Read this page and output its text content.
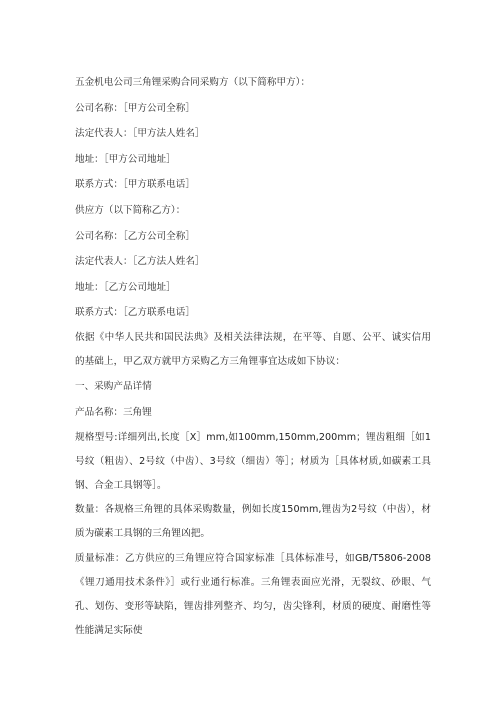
五金机电公司三角锂采购合同采购方（以下简称甲方）：

公司名称：［甲方公司全称］

法定代表人：［甲方法人姓名］

地址：［甲方公司地址］

联系方式：［甲方联系电话］

供应方（以下简称乙方）：

公司名称：［乙方公司全称］

法定代表人：［乙方法人姓名］

地址：［乙方公司地址］

联系方式：［乙方联系电话］

依据《中华人民共和国民法典》及相关法律法规，在平等、自愿、公平、诚实信用的基础上，甲乙双方就甲方采购乙方三角锂事宜达成如下协议：

一、采购产品详情

产品名称：三角锂

规格型号:详细列出,长度［X］mm,如100mm,150mm,200mm；锂齿粗细［如1号纹（粗齿）、2号纹（中齿）、3号纹（细齿）等］；材质为［具体材质,如碳素工具钢、合金工具钢等］。

数量：各规格三角锂的具体采购数量，例如长度150mm,锂齿为2号纹（中齿），材质为碳素工具钢的三角锂凶把。

质量标准：乙方供应的三角锂应符合国家标准［具体标准号，如GB/T5806-2008《锂刀通用技术条件》］或行业通行标准。三角锂表面应光滑，无裂纹、砂眼、气孔、划伤、变形等缺陷，锂齿排列整齐、均匀，齿尖锋利，材质的硬度、耐磨性等性能满足实际使
